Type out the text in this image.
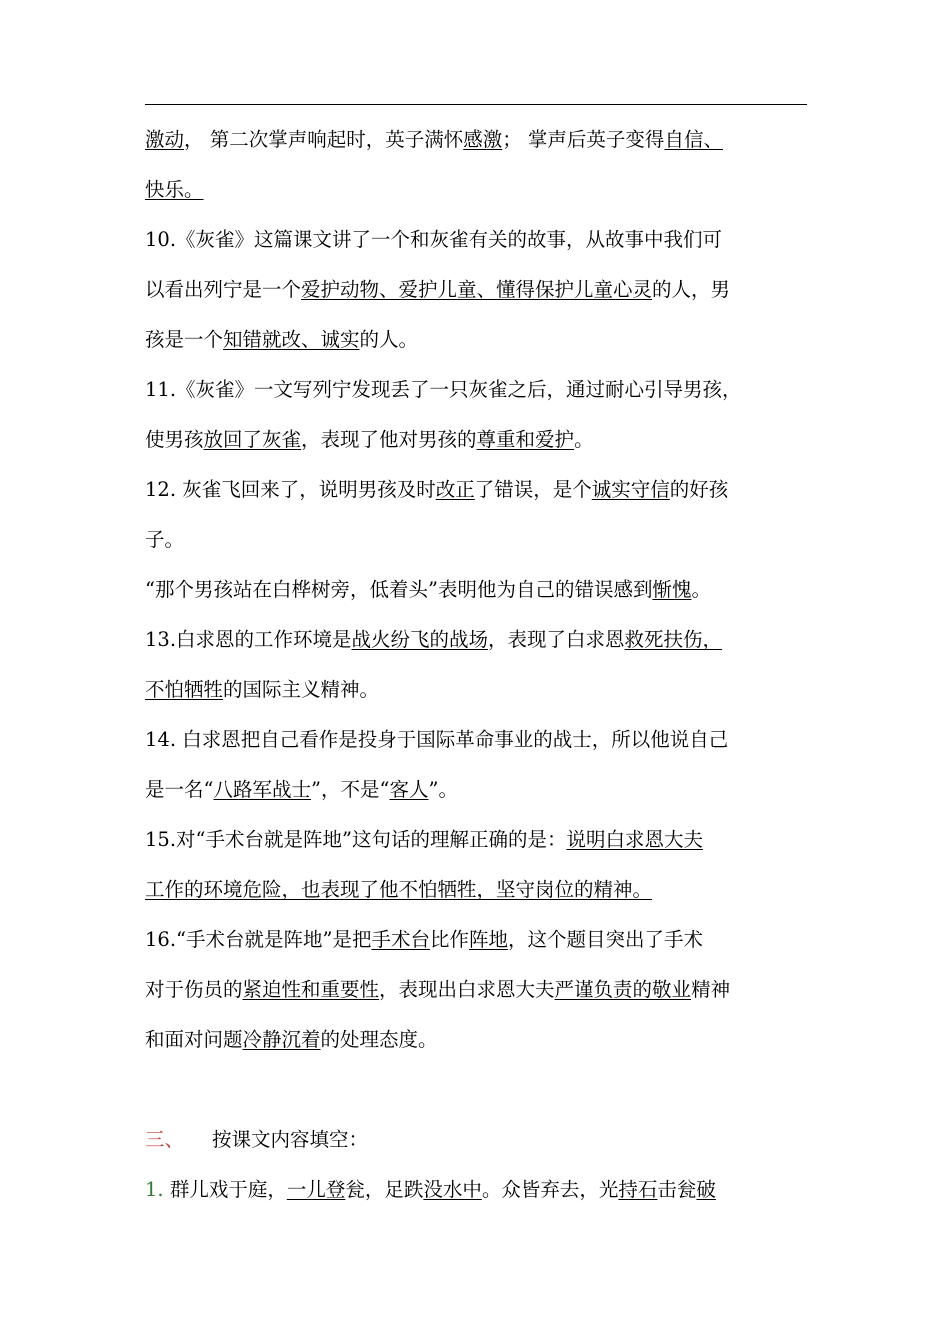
激动， 第二次掌声响起时，英子满怀感激； 掌声后英子变得自信、
快乐。
10.《灰雀》这篇课文讲了一个和灰雀有关的故事，从故事中我们可
以看出列宁是一个爱护动物、爱护儿童、懂得保护儿童心灵的人，男
孩是一个知错就改、诚实的人。
11.《灰雀》一文写列宁发现丢了一只灰雀之后，通过耐心引导男孩，
使男孩放回了灰雀，表现了他对男孩的尊重和爱护。
12. 灰雀飞回来了，说明男孩及时改正了错误，是个诚实守信的好孩
子。
“那个男孩站在白桦树旁，低着头”表明他为自己的错误感到惭愧。
13.白求恩的工作环境是战火纷飞的战场，表现了白求恩救死扶伤，
不怕牺牲的国际主义精神。
14. 白求恩把自己看作是投身于国际革命事业的战士，所以他说自己
是一名“八路军战士”，不是“客人”。
15.对“手术台就是阵地”这句话的理解正确的是：说明白求恩大夫
工作的环境危险，也表现了他不怕牺牲，坚守岗位的精神。
16.“手术台就是阵地”是把手术台比作阵地，这个题目突出了手术
对于伤员的紧迫性和重要性，表现出白求恩大夫严谨负责的敬业精神
和面对问题冷静沉着的处理态度。
三、 按课文内容填空：
1. 群儿戏于庭，一儿登瓮，足跌没水中。众皆弃去，光持石击瓮破
